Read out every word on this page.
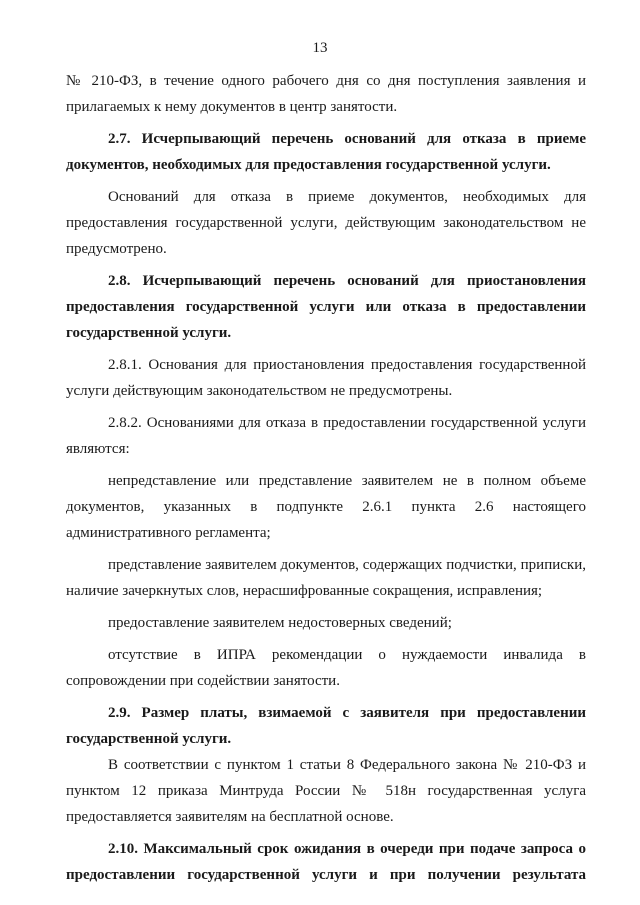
13

№ 210-ФЗ, в течение одного рабочего дня со дня поступления заявления и прилагаемых к нему документов в центр занятости.

2.7. Исчерпывающий перечень оснований для отказа в приеме документов, необходимых для предоставления государственной услуги.

Оснований для отказа в приеме документов, необходимых для предоставления государственной услуги, действующим законодательством не предусмотрено.

2.8. Исчерпывающий перечень оснований для приостановления предоставления государственной услуги или отказа в предоставлении государственной услуги.

2.8.1. Основания для приостановления предоставления государственной услуги действующим законодательством не предусмотрены.

2.8.2. Основаниями для отказа в предоставлении государственной услуги являются:

непредставление или представление заявителем не в полном объеме документов, указанных в подпункте 2.6.1 пункта 2.6 настоящего административного регламента;

представление заявителем документов, содержащих подчистки, приписки, наличие зачеркнутых слов, нерасшифрованные сокращения, исправления;

предоставление заявителем недостоверных сведений;

отсутствие в ИПРА рекомендации о нуждаемости инвалида в сопровождении при содействии занятости.

2.9. Размер платы, взимаемой с заявителя при предоставлении государственной услуги.

В соответствии с пунктом 1 статьи 8 Федерального закона № 210-ФЗ и пунктом 12 приказа Минтруда России № 518н государственная услуга предоставляется заявителям на бесплатной основе.

2.10. Максимальный срок ожидания в очереди при подаче запроса о предоставлении государственной услуги и при получении результата
